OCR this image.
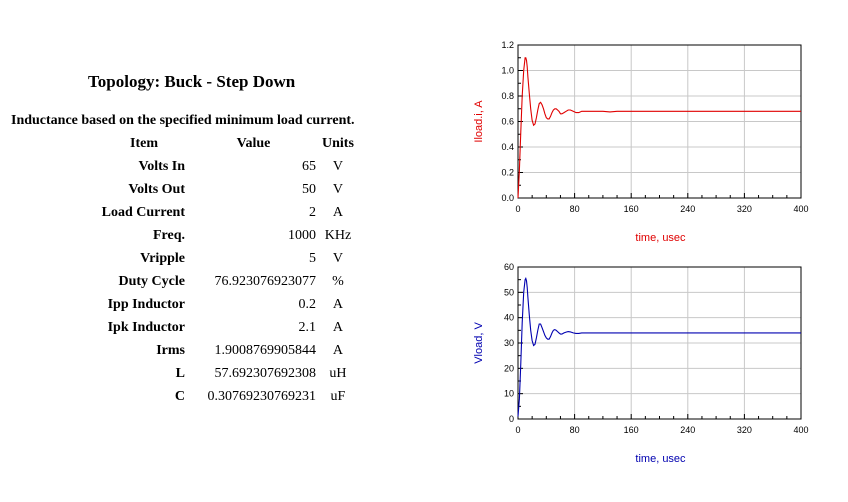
Topology: Buck - Step Down
Inductance based on the specified minimum load current.
Item	Value	Units
Volts In	65	V
Volts Out	50	V
Load Current	2	A
Freq.	1000	KHz
Vripple	5	V
Duty Cycle	76.923076923077	%
Ipp Inductor	0.2	A
Ipk Inductor	2.1	A
Irms	1.9008769905844	A
L	57.692307692308	uH
C	0.30769230769231	uF
0	80	160	240	320	400
0.0
0.2
0.4
0.6
0.8
1.0
1.2
time, usec
Iload.i, A
0	80	160	240	320	400
0
10
20
30
40
50
60
time, usec
Vload, V
